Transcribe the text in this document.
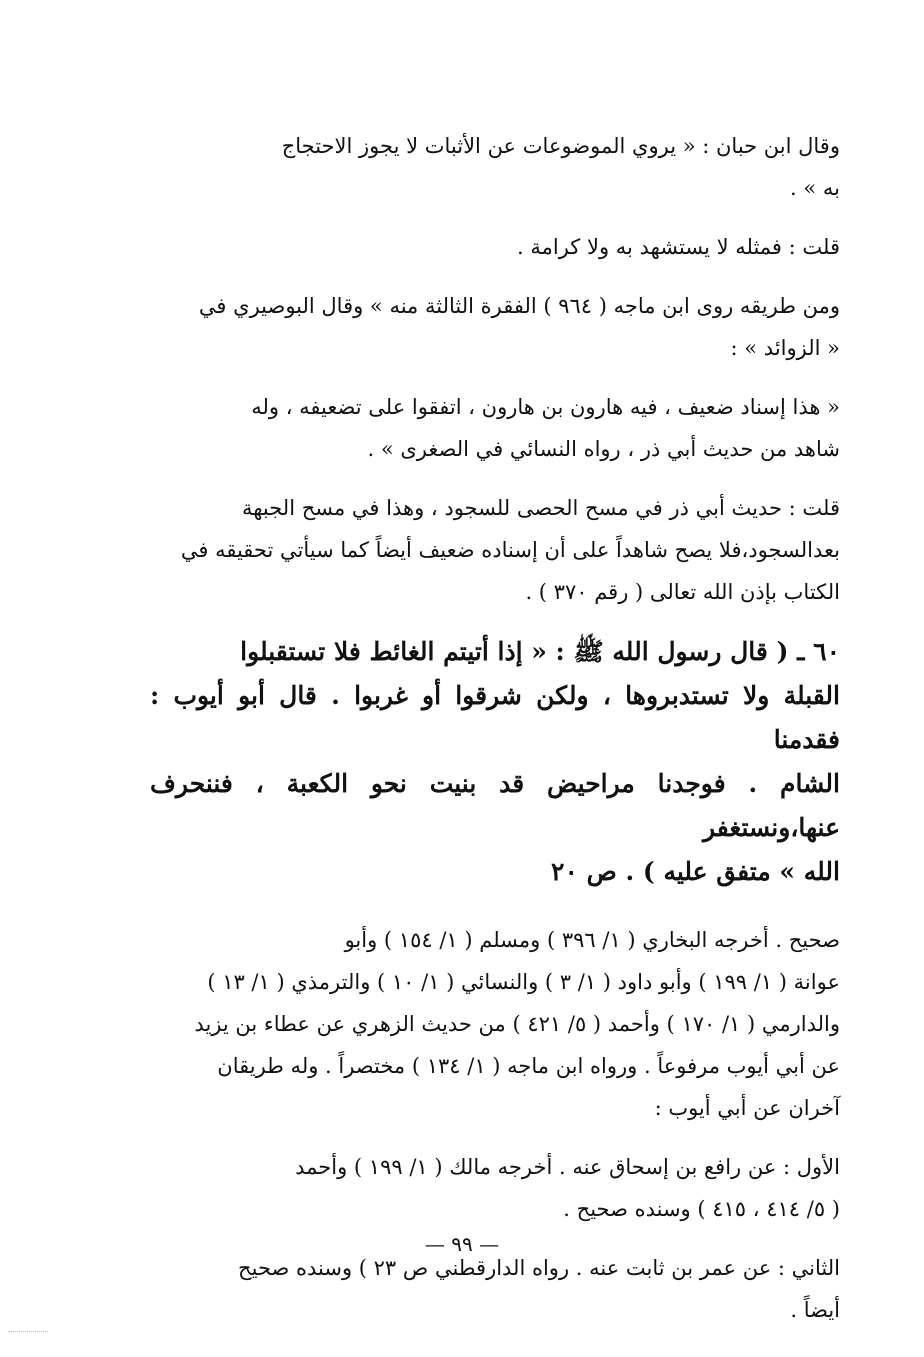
وقال ابن حبان : « يروي الموضوعات عن الأثبات لا يجوز الاحتجاج
به » .
قلت : فمثله لا يستشهد به ولا كرامة .
ومن طريقه روى ابن ماجه ( ٩٦٤ ) الفقرة الثالثة منه » وقال البوصيري في
« الزوائد » :
« هذا إسناد ضعيف ، فيه هارون بن هارون ، اتفقوا على تضعيفه ، وله
شاهد من حديث أبي ذر ، رواه النسائي في الصغرى » .
قلت : حديث أبي ذر في مسح الحصى للسجود ، وهذا في مسح الجبهة
بعدالسجود،فلا يصح شاهداً على أن إسناده ضعيف أيضاً كما سيأتي تحقيقه في
الكتاب بإذن الله تعالى ( رقم ٣٧٠ ) .
٦٠ ـ ( قال رسول الله ﷺ : « إذا أتيتم الغائط فلا تستقبلوا
القبلة ولا تستدبروها ، ولكن شرقوا أو غربوا . قال أبو أيوب : فقدمنا
الشام . فوجدنا مراحيض قد بنيت نحو الكعبة ، فننحرف عنها،ونستغفر
الله » متفق عليه ) . ص ٢٠
صحيح . أخرجه البخاري ( ١/ ٣٩٦ ) ومسلم ( ١/ ١٥٤ ) وأبو
عوانة ( ١/ ١٩٩ ) وأبو داود ( ١/ ٣ ) والنسائي ( ١/ ١٠ ) والترمذي ( ١/ ١٣ )
والدارمي ( ١/ ١٧٠ ) وأحمد ( ٥/ ٤٢١ ) من حديث الزهري عن عطاء بن يزيد
عن أبي أيوب مرفوعاً . ورواه ابن ماجه ( ١/ ١٣٤ ) مختصراً . وله طريقان
آخران عن أبي أيوب :
الأول : عن رافع بن إسحاق عنه . أخرجه مالك ( ١/ ١٩٩ ) وأحمد
( ٥/ ٤١٤ ، ٤١٥ ) وسنده صحيح .
الثاني : عن عمر بن ثابت عنه . رواه الدارقطني ص ٢٣ ) وسنده صحيح
أيضاً .
— ٩٩ —
